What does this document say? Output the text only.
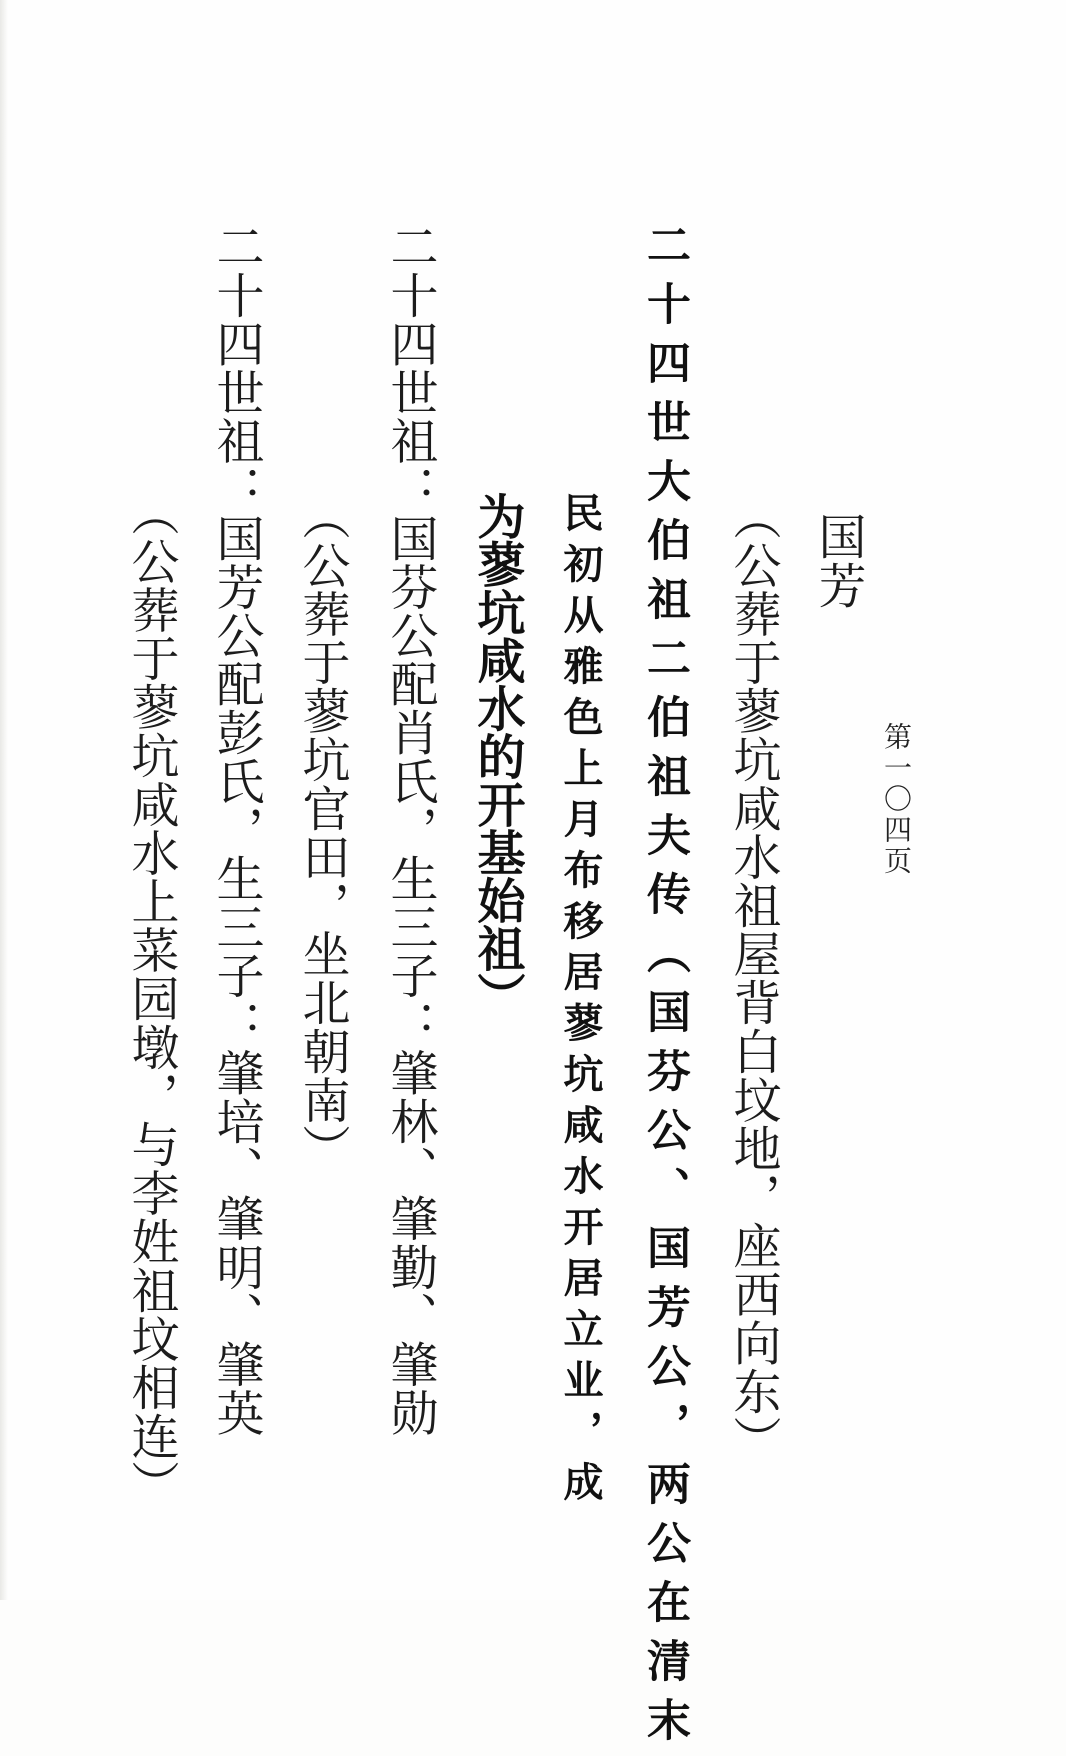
国芳
第一〇四页
（公葬于蓼坑咸水祖屋背白坟地，座西向东）
二十四世大伯祖二伯祖夫传（国芬公、国芳公，两公在清末
民初从雅色上月布移居蓼坑咸水开居立业，成
为蓼坑咸水的开基始祖）
二十四世祖：国芬公配肖氏，生三子：肇林、肇勤、肇勋
（公葬于蓼坑官田，坐北朝南）
二十四世祖：国芳公配彭氏，生三子：肇培、肇明、肇英
（公葬于蓼坑咸水上菜园墩，与李姓祖坟相连）
